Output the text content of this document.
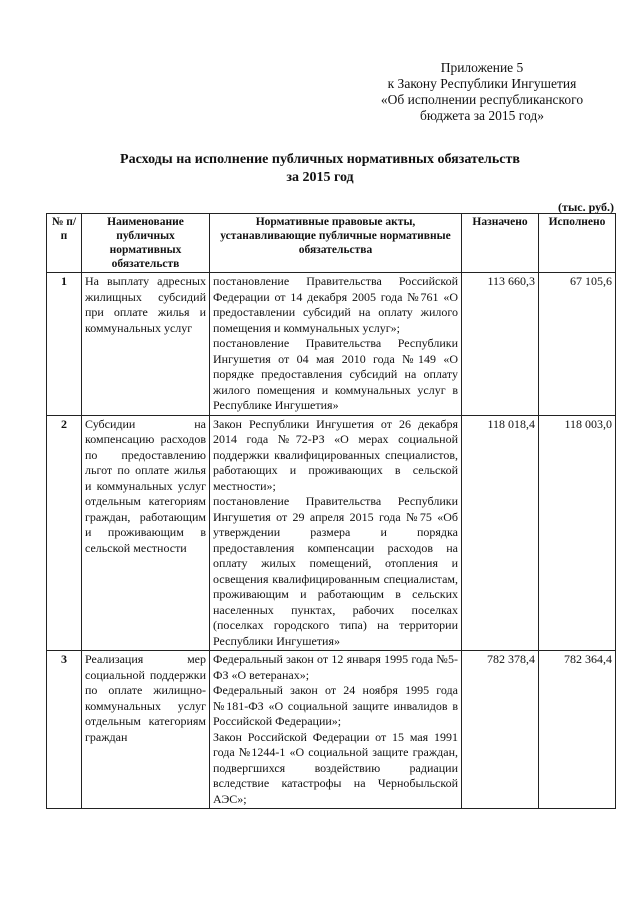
Приложение 5
к Закону Республики Ингушетия
«Об исполнении республиканского
бюджета за 2015 год»
Расходы на исполнение публичных нормативных обязательств
за 2015 год
(тыс. руб.)
№ п/п	Наименование публичных нормативных обязательств	Нормативные правовые акты, устанавливающие публичные нормативные обязательства	Назначено	Исполнено
1	На выплату адресных жилищных субсидий при оплате жилья и коммунальных услуг	постановление Правительства Российской Федерации от 14 декабря 2005 года №761 «О предоставлении субсидий на оплату жилого помещения и коммунальных услуг»;
постановление Правительства Республики Ингушетия от 04 мая 2010 года №149 «О порядке предоставления субсидий на оплату жилого помещения и коммунальных услуг в Республике Ингушетия»	113 660,3	67 105,6
2	Субсидии на компенсацию расходов по предоставлению льгот по оплате жилья и коммунальных услуг отдельным категориям граждан, работающим и проживающим в сельской местности	Закон Республики Ингушетия от 26 декабря 2014 года №72-РЗ «О мерах социальной поддержки квалифицированных специалистов, работающих и проживающих в сельской местности»;
постановление Правительства Республики Ингушетия от 29 апреля 2015 года №75 «Об утверждении размера и порядка предоставления компенсации расходов на оплату жилых помещений, отопления и освещения квалифицированным специалистам, проживающим и работающим в сельских населенных пунктах, рабочих поселках (поселках городского типа) на территории Республики Ингушетия»	118 018,4	118 003,0
3	Реализация мер социальной поддержки по оплате жилищно-коммунальных услуг отдельным категориям граждан	Федеральный закон от 12 января 1995 года №5-ФЗ «О ветеранах»;
Федеральный закон от 24 ноября 1995 года №181-ФЗ «О социальной защите инвалидов в Российской Федерации»;
Закон Российской Федерации от 15 мая 1991 года №1244-1 «О социальной защите граждан, подвергшихся воздействию радиации вследствие катастрофы на Чернобыльской АЭС»;	782 378,4	782 364,4
